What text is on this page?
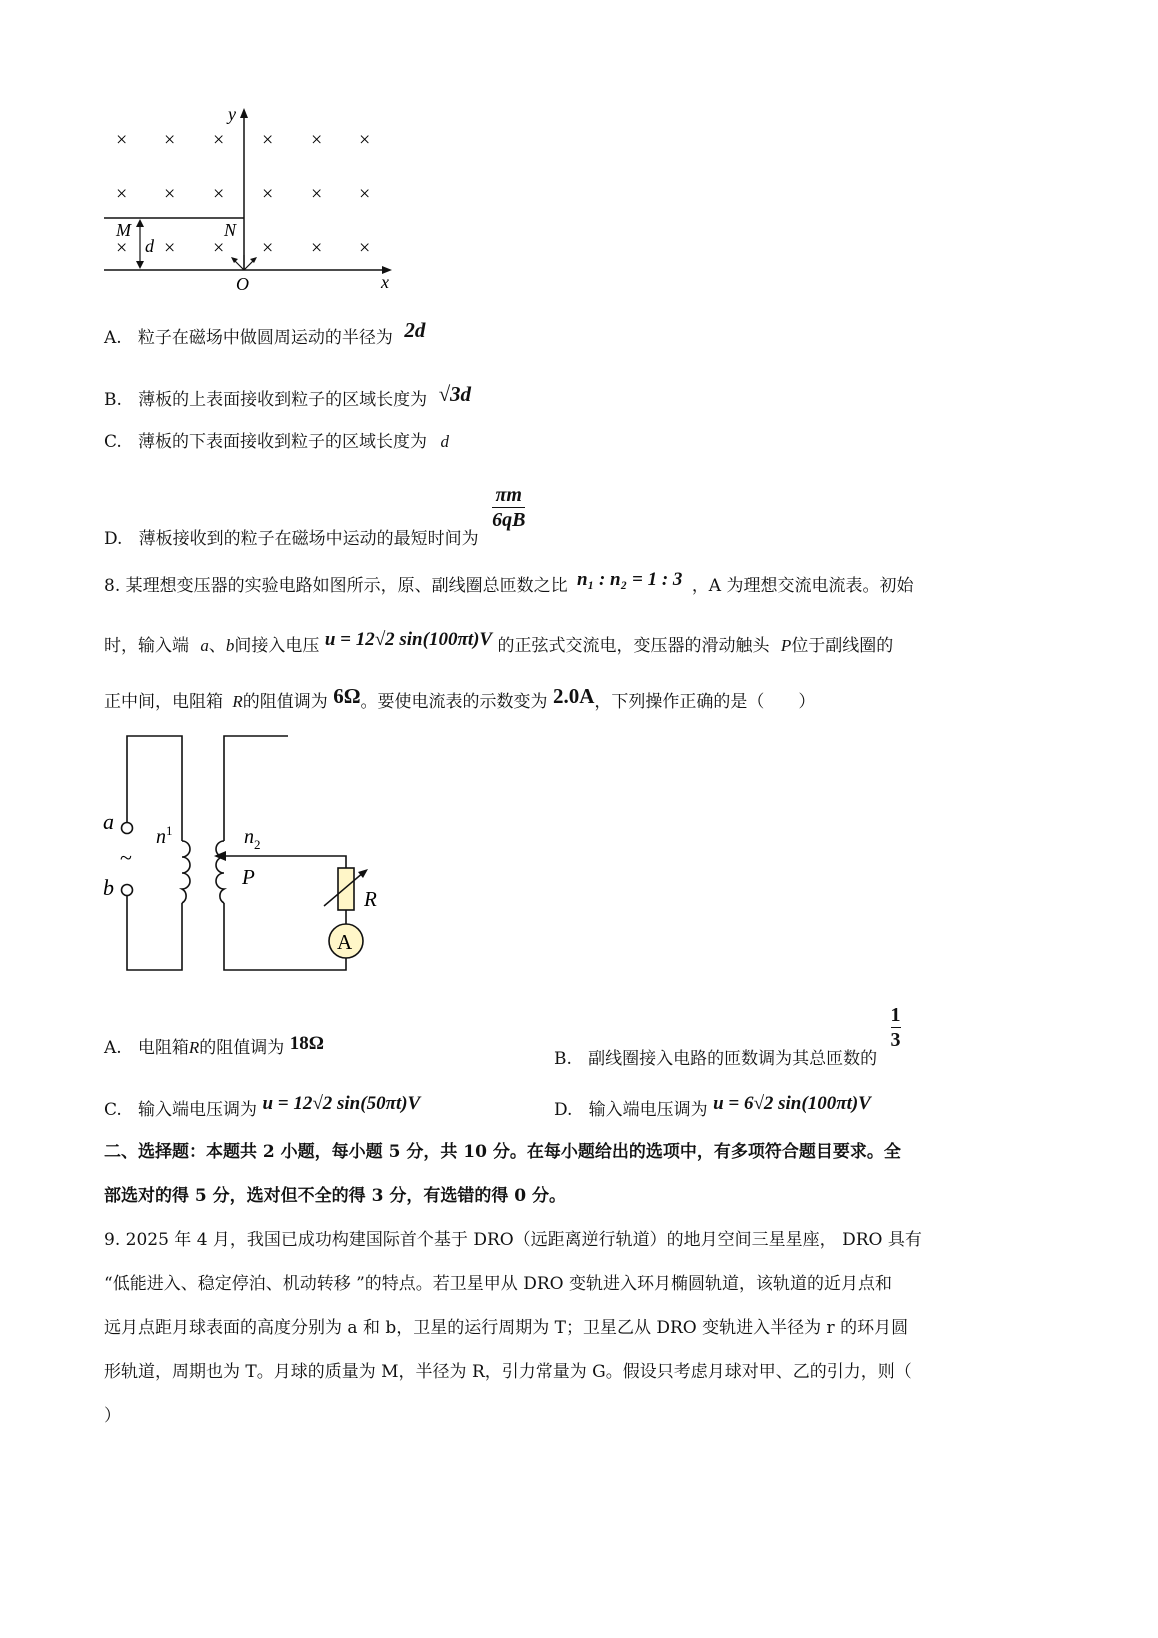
× × × × × ×
× × × × × ×
× × × × × ×
y
x
M	N
d
O
A. 粒子在磁场中做圆周运动的半径为 2d
B. 薄板的上表面接收到粒子的区域长度为 √3d
C. 薄板的下表面接收到粒子的区域长度为 d
D. 薄板接收到的粒子在磁场中运动的最短时间为
$\frac{\pi m}{6qB}$
8. 某理想变压器的实验电路如图所示，原、副线圈总匝数之比 n₁ : n₂ = 1 : 3 ，A 为理想交流电流表。初始
时，输入端 a、b间接入电压 u = 12√2 sin(100πt)V 的正弦式交流电，变压器的滑动触头 P位于副线圈的
正中间，电阻箱 R的阻值调为 6Ω。要使电流表的示数变为 2.0A，下列操作正确的是（　　）
A
a
b
~
$n^1$	$n_2$
P
R
A. 电阻箱R的阻值调为 18Ω
B. 副线圈接入电路的匝数调为其总匝数的
$\frac{1}{3}$
C. 输入端电压调为 u = 12√2 sin(50πt)V	D. 输入端电压调为 u = 6√2 sin(100πt)V
二、选择题：本题共 2 小题，每小题 5 分，共 10 分。在每小题给出的选项中，有多项符合题目要求。全
部选对的得 5 分，选对但不全的得 3 分，有选错的得 0 分。
9. 2025 年 4 月，我国已成功构建国际首个基于 DRO（远距离逆行轨道）的地月空间三星星座， DRO 具有
“低能进入、稳定停泊、机动转移 ”的特点。若卫星甲从 DRO 变轨进入环月椭圆轨道，该轨道的近月点和
远月点距月球表面的高度分别为 a 和 b，卫星的运行周期为 T；卫星乙从 DRO 变轨进入半径为 r 的环月圆
形轨道，周期也为 T。月球的质量为 M，半径为 R，引力常量为 G。假设只考虑月球对甲、乙的引力，则（
）
